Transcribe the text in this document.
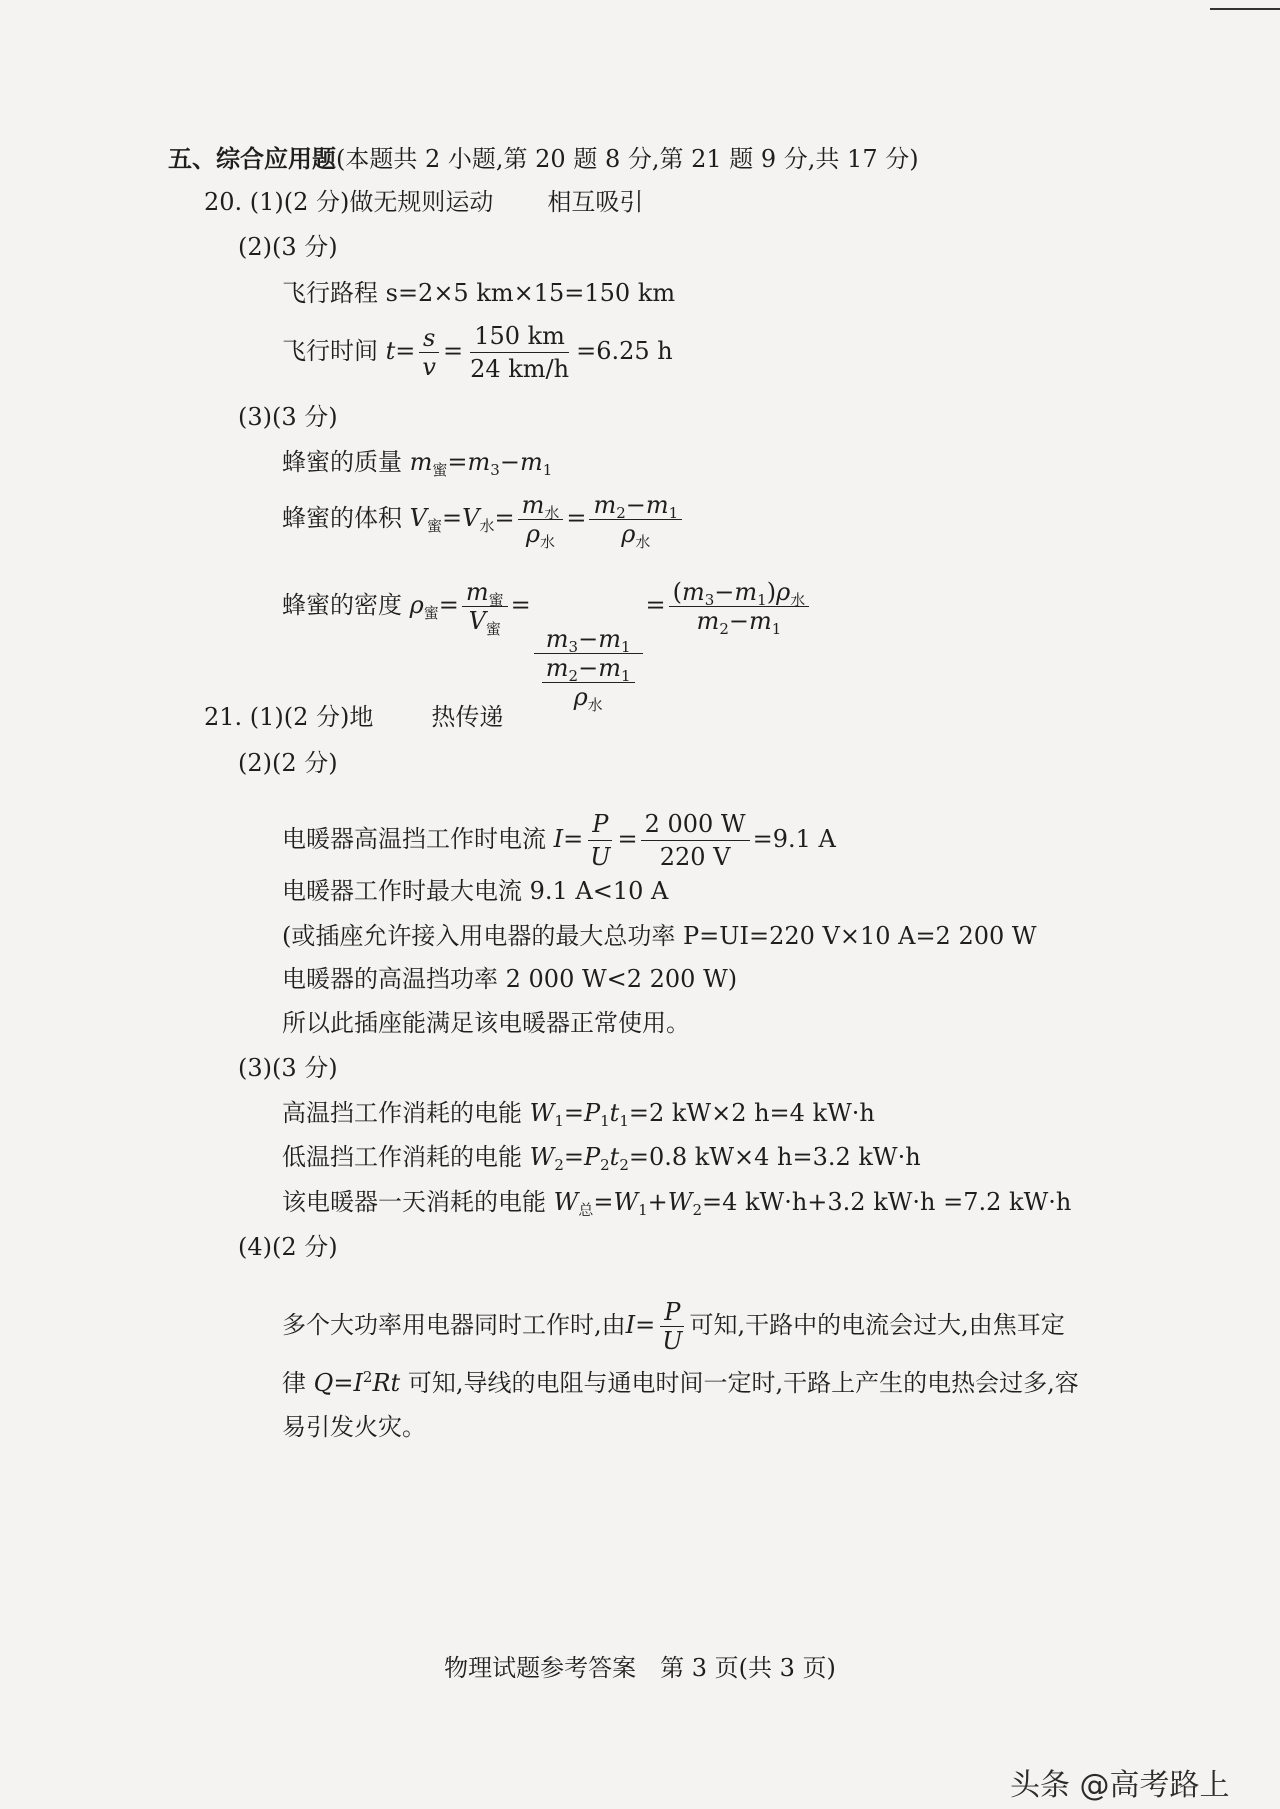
五、综合应用题(本题共 2 小题,第 20 题 8 分,第 21 题 9 分,共 17 分)
20. (1)(2 分)做无规则运动 相互吸引
(2)(3 分)
飞行路程 s=2×5 km×15=150 km
飞行时间 $t= \frac{s}{v} = \frac{150 km}{24 km/h} =6.25$ h
(3)(3 分)
蜂蜜的质量 $m_蜜=m_3-m_1$
蜂蜜的体积 $V_蜜=V_水= \frac{m_水}{\rho_水} = \frac{m_2-m_1}{\rho_水}$
蜂蜜的密度 $\rho_蜜= \frac{m_蜜}{V_蜜}$ =
$m_3-m_1$
$m_2-m_1$
$\rho_水$
= $\frac{(m_3-m_1)\rho_水}{m_2-m_1}$
21. (1)(2 分)地 热传递
(2)(2 分)
电暖器高温挡工作时电流 $I= \frac{P}{U} = \frac{2 000 W}{220 V} =9.1$ A
电暖器工作时最大电流 9.1 A<10 A
(或插座允许接入用电器的最大总功率 P=UI=220 V×10 A=2 200 W
电暖器的高温挡功率 2 000 W<2 200 W)
所以此插座能满足该电暖器正常使用。
(3)(3 分)
高温挡工作消耗的电能 $W_1=P_1t_1=2$ kW×2 h=4 kW·h
低温挡工作消耗的电能 $W_2=P_2t_2=0.8$ kW×4 h=3.2 kW·h
该电暖器一天消耗的电能 $W_总=W_1+W_2=4$ kW·h+3.2 kW·h =7.2 kW·h
(4)(2 分)
多个大功率用电器同时工作时,由$I= \frac{P}{U}$ 可知,干路中的电流会过大,由焦耳定
律 $Q=I^2Rt$ 可知,导线的电阻与通电时间一定时,干路上产生的电热会过多,容
易引发火灾。
物理试题参考答案　第 3 页(共 3 页)
头条 @高考路上
